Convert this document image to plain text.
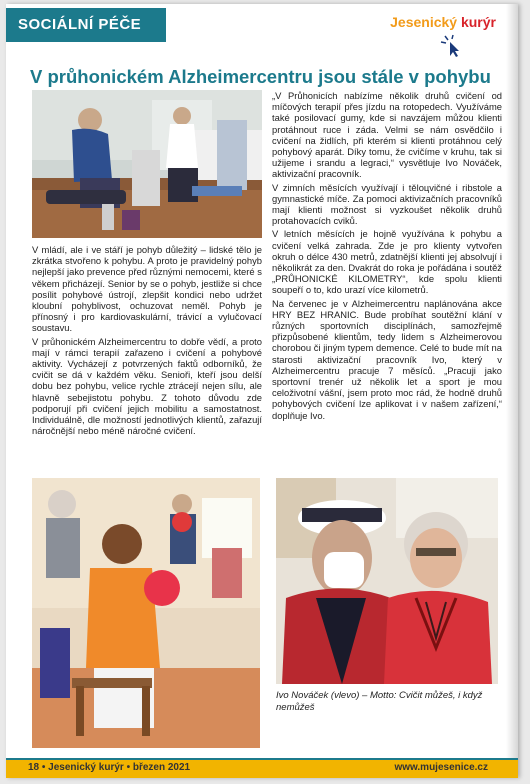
SOCIÁLNÍ PÉČE	Jesenický kurýr
V průhonickém Alzheimercentru jsou stále v pohybu

V mládí, ale i ve stáří je pohyb důležitý – lidské tělo je zkrátka stvořeno k pohybu. A proto je pravidelný pohyb nejlepší jako prevence před různými nemocemi, které s věkem přicházejí. Senior by se o pohyb, jestliže si chce posílit pohybové ústrojí, zlepšit kondici nebo udržet kloubní pohyblivost, ochuzovat neměl. Pohyb je přínosný i pro kardiovaskulární, trávicí a vylučovací soustavu.

V průhonickém Alzheimercentru to dobře vědí, a proto mají v rámci terapií zařazeno i cvičení a pohybové aktivity. Vycházejí z potvrzených faktů odborníků, že cvičit se dá v každém věku. Senioři, kteří jsou delší dobu bez pohybu, velice rychle ztrácejí nejen sílu, ale hlavně sebejistotu pohybu. Z tohoto důvodu zde podporují při cvičení jejich mobilitu a samostatnost. Individuálně, dle možností jednotlivých klientů, zařazují náročnější nebo méně náročné cvičení.

„V Průhonicích nabízíme několik druhů cvičení od míčových terapií přes jízdu na rotopedech. Využíváme také posilovací gumy, kde si navzájem můžou klienti protáhnout ruce i záda. Velmi se nám osvědčilo i cvičení na židlích, při kterém si klienti protáhnou celý pohybový aparát. Díky tomu, že cvičíme v kruhu, tak si užijeme i srandu a legraci,“ vysvětluje Ivo Nováček, aktivizační pracovník.

V zimních měsících využívají i těloцvičné i ribstole a gymnastické míče. Za pomoci aktivizačních pracovníků mají klienti možnost si vyzkoušet několik druhů protahovacích cviků.

V letních měsících je hojně využívána k pohybu a cvičení velká zahrada. Zde je pro klienty vytvořen okruh o délce 430 metrů, zdatnější klienti jej absolvují i několikrát za den. Dvakrát do roka je pořádána i soutěž „PRŮHONICKÉ KILOMETRY“, kde spolu klienti soupeří o to, kdo urazí více kilometrů.

Na červenec je v Alzheimercentru naplánována akce HRY BEZ HRANIC. Bude probíhat soutěžní klání v různých sportovních disciplínách, samozřejmě přizpůsobené klientům, tedy lidem s Alzheimerovou chorobou či jiným typem demence. Celé to bude mít na starosti aktivizační pracovník Ivo, který v Alzheimercentru pracuje 7 měsíců. „Pracuji jako sportovní trenér už několik let a sport je mou celoživotní vášní, jsem proto moc rád, že hodně druhů pohybových cvičení lze aplikovat i v našem zařízení,“ doplňuje Ivo.

Ivo Nováček (vlevo) – Motto: Cvičit můžeš, i když nemůžeš
18 • Jesenický kurýr • březen 2021	www.mujesenice.cz
